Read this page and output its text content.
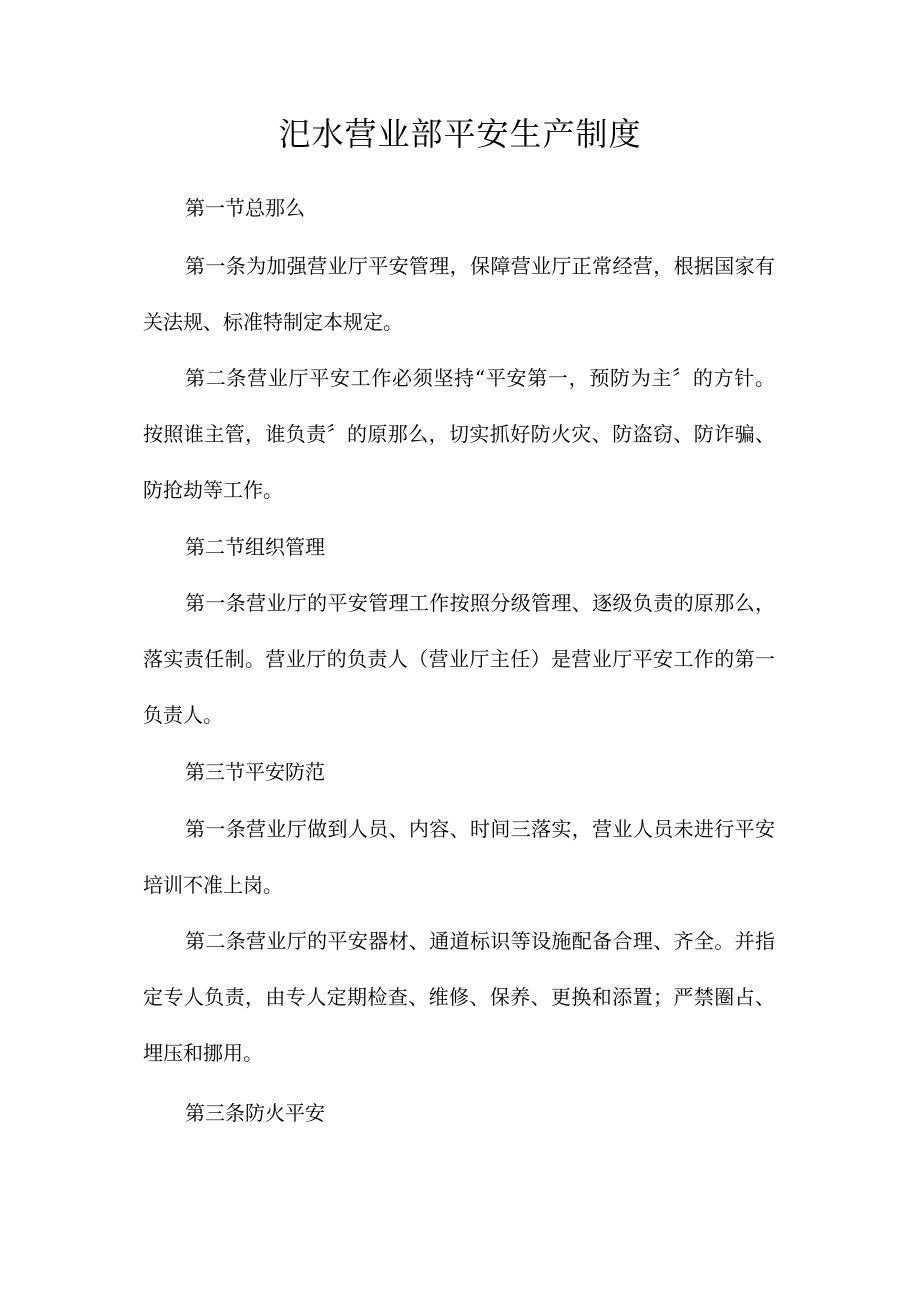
汜水营业部平安生产制度

第一节总那么

第一条为加强营业厅平安管理，保障营业厅正常经营，根据国家有关法规、标准特制定本规定。

第二条营业厅平安工作必须坚持“平安第一，预防为主〞的方针。按照谁主管，谁负责〞的原那么，切实抓好防火灾、防盗窃、防诈骗、防抢劫等工作。

第二节组织管理

第一条营业厅的平安管理工作按照分级管理、逐级负责的原那么，落实责任制。营业厅的负责人（营业厅主任）是营业厅平安工作的第一负责人。

第三节平安防范

第一条营业厅做到人员、内容、时间三落实，营业人员未进行平安培训不准上岗。

第二条营业厅的平安器材、通道标识等设施配备合理、齐全。并指定专人负责，由专人定期检查、维修、保养、更换和添置；严禁圈占、埋压和挪用。

第三条防火平安
